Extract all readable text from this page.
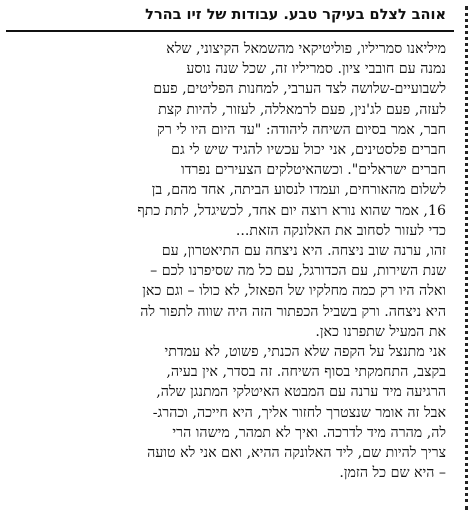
אוהב לצלם בעיקר טבע. עבודות של זיו בהרל

מיליאנו סמריליו, פוליטיקאי מהשמאל הקיצוני, שלא
נמנה עם חובבי ציון. סמריליו זה, שכל שנה נוסע
לשבועיים-שלושה לצד הערבי, למחנות הפליטים, פעם
לעזה, פעם לג'נין, פעם לרמאללה, לעזור, להיות קצת
חבר, אמר בסיום השיחה ליהודה: "עד היום היו לי רק
חברים פלסטינים, אני יכול עכשיו להגיד שיש לי גם
חברים ישראלים". וכשהאיטלקים הצעירים נפרדו
לשלום מהאורחים, ועמדו לנסוע הביתה, אחד מהם, בן
16, אמר שהוא נורא רוצה יום אחד, לכשיגדל, לתת כתף
כדי לעזור לסחוב את האלונקה הזאת...

זהו, ערנה שוב ניצחה. היא ניצחה עם התיאטרון, עם
שנת השירות, עם הכדורגל, עם כל מה שסיפרנו לכם –
ואלה היו רק כמה מחלקיו של הפאזל, לא כולו – וגם כאן
היא ניצחה. ורק בשביל הכפתור הזה היה שווה לתפור לה
את המעיל שתפרנו כאן.

אני מתנצל על הקפה שלא הכנתי, פשוט, לא עמדתי
בקצב, התחמקתי בסוף השיחה. זה בסדר, אין בעיה,
הרגיעה מיד ערנה עם המבטא האיטלקי המתנגן שלה,
אבל זה אומר שנצטרך לחזור אליך, היא חייכה, וכהרג-
לה, מהרה מיד לדרכה. ואיך לא תמהר, מישהו הרי
צריך להיות שם, ליד האלונקה ההיא, ואם אני לא טועה
– היא שם כל הזמן.
